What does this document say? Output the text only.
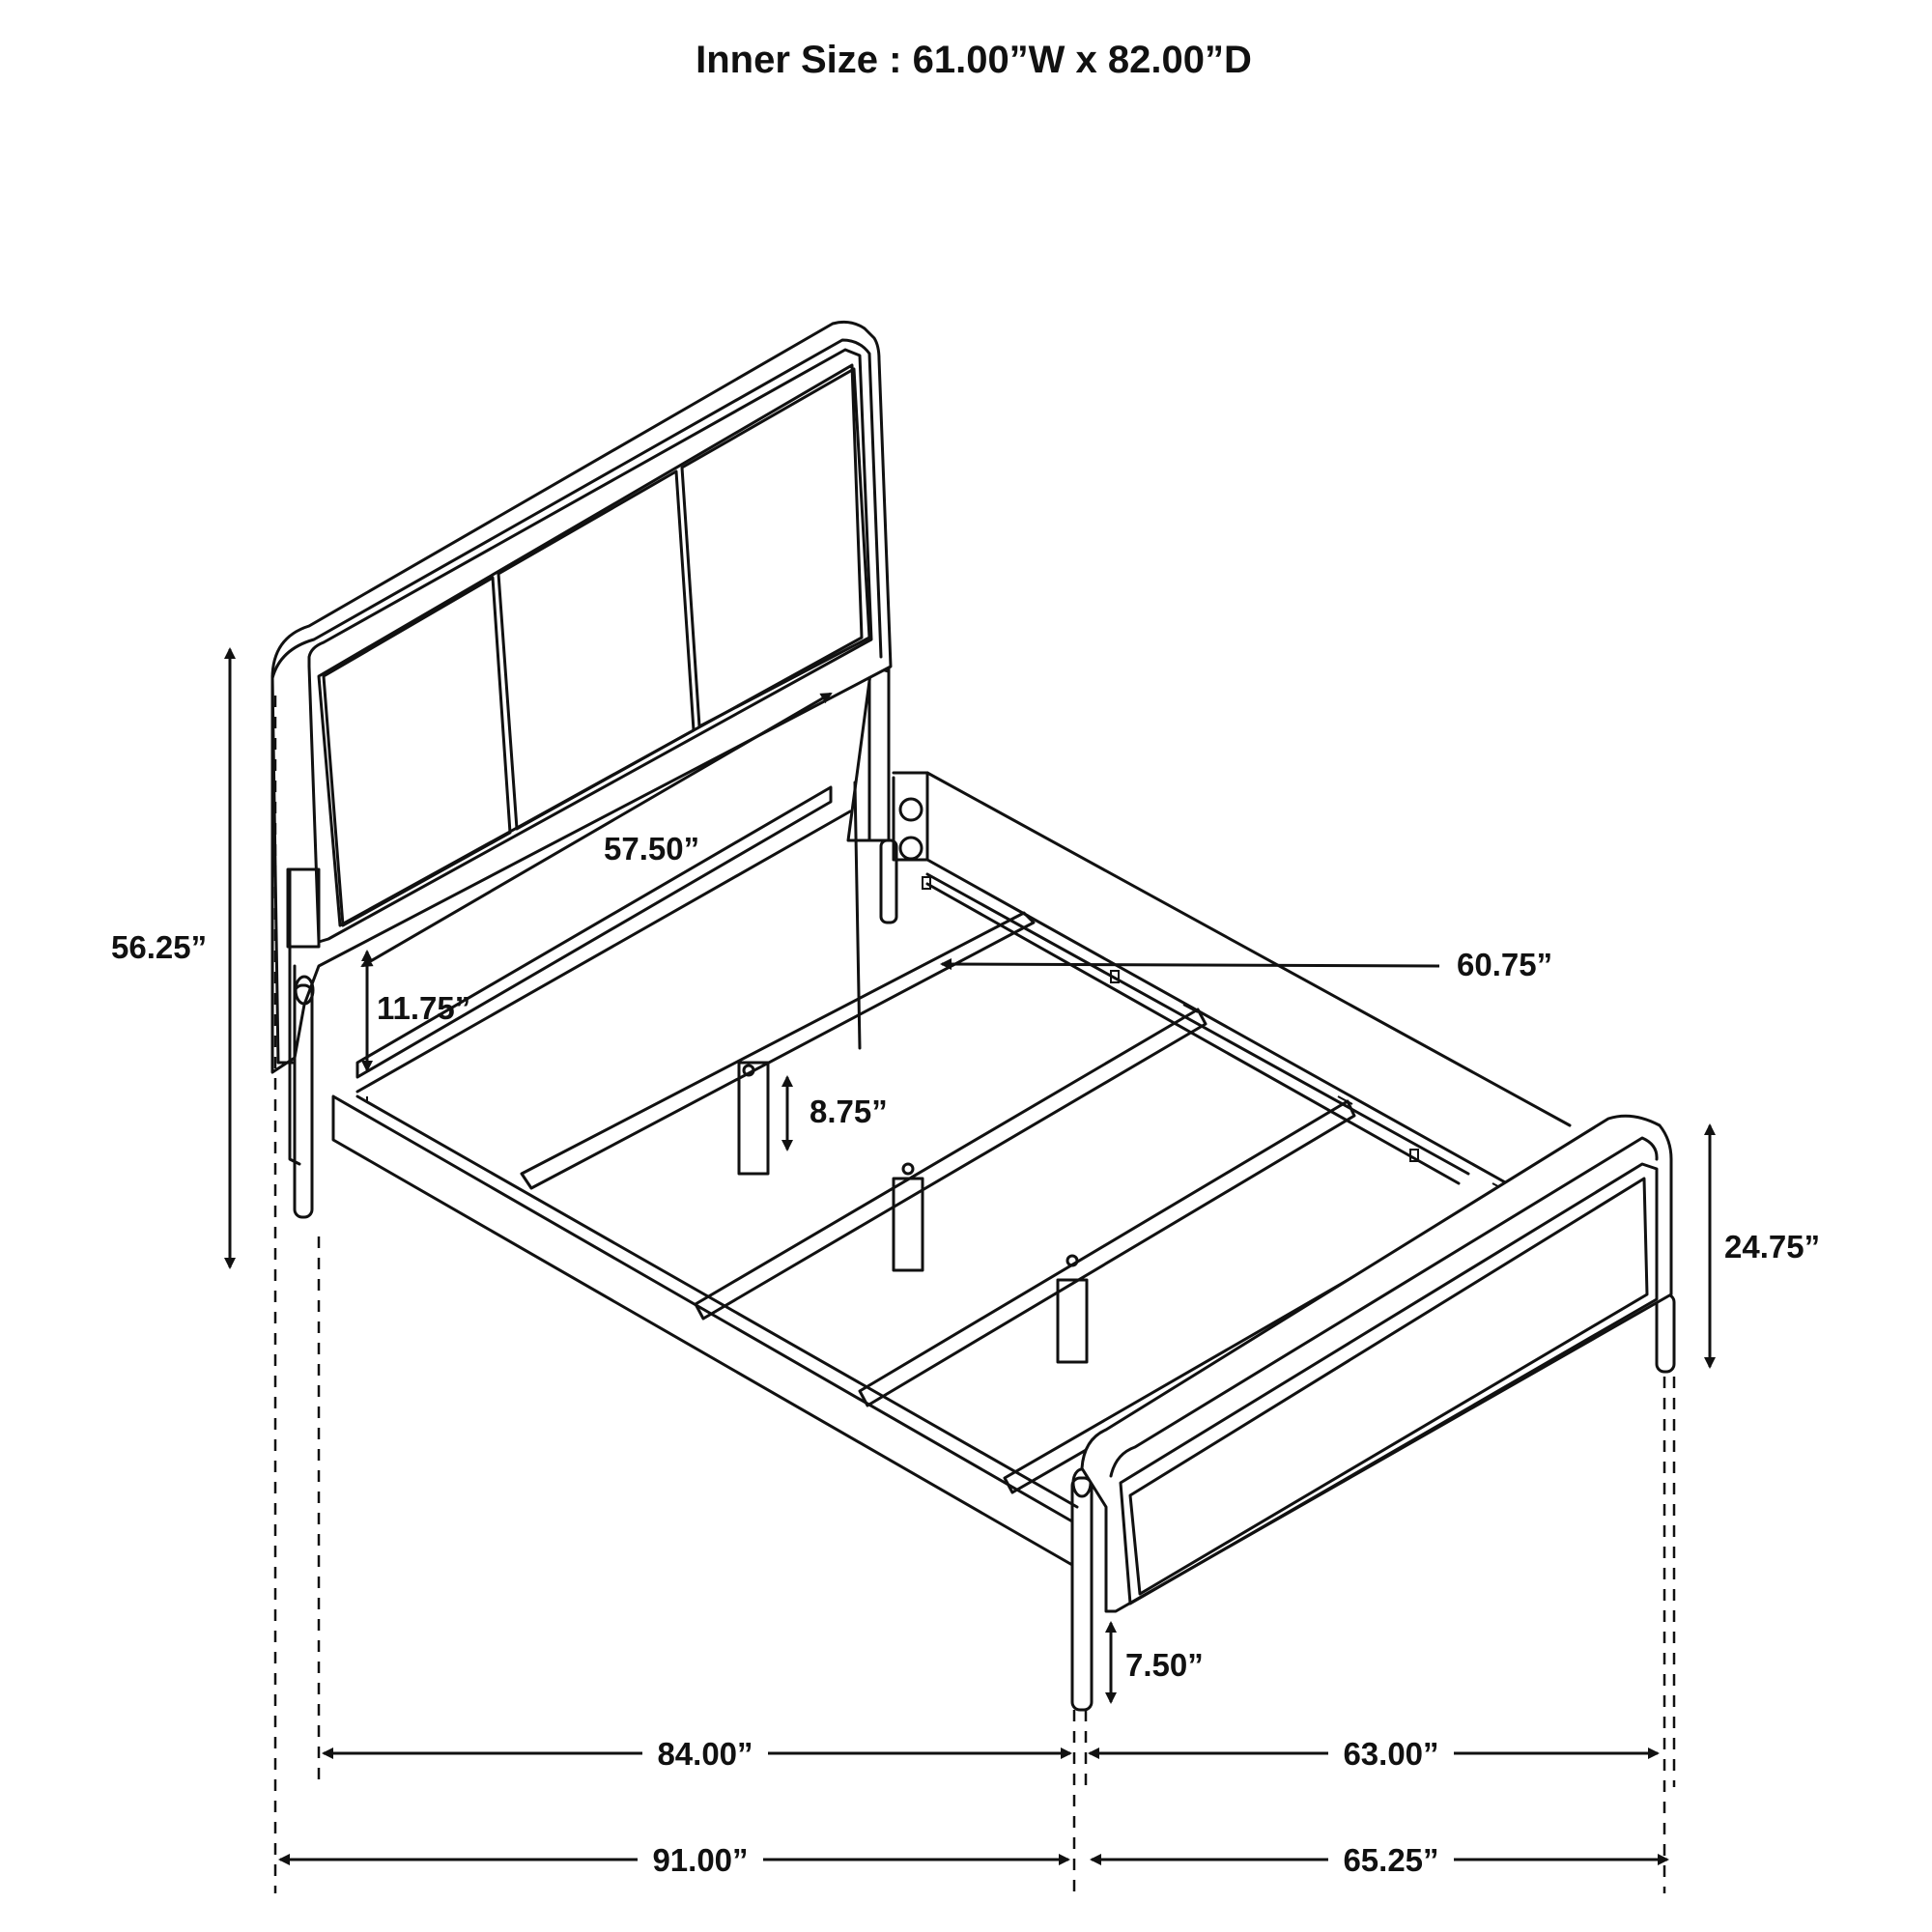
Inner Size : 61.00”W x 82.00”D
56.25”
57.50”
11.75”
60.75”
8.75”
24.75”
7.50”
84.00”	63.00”
91.00”	65.25”
